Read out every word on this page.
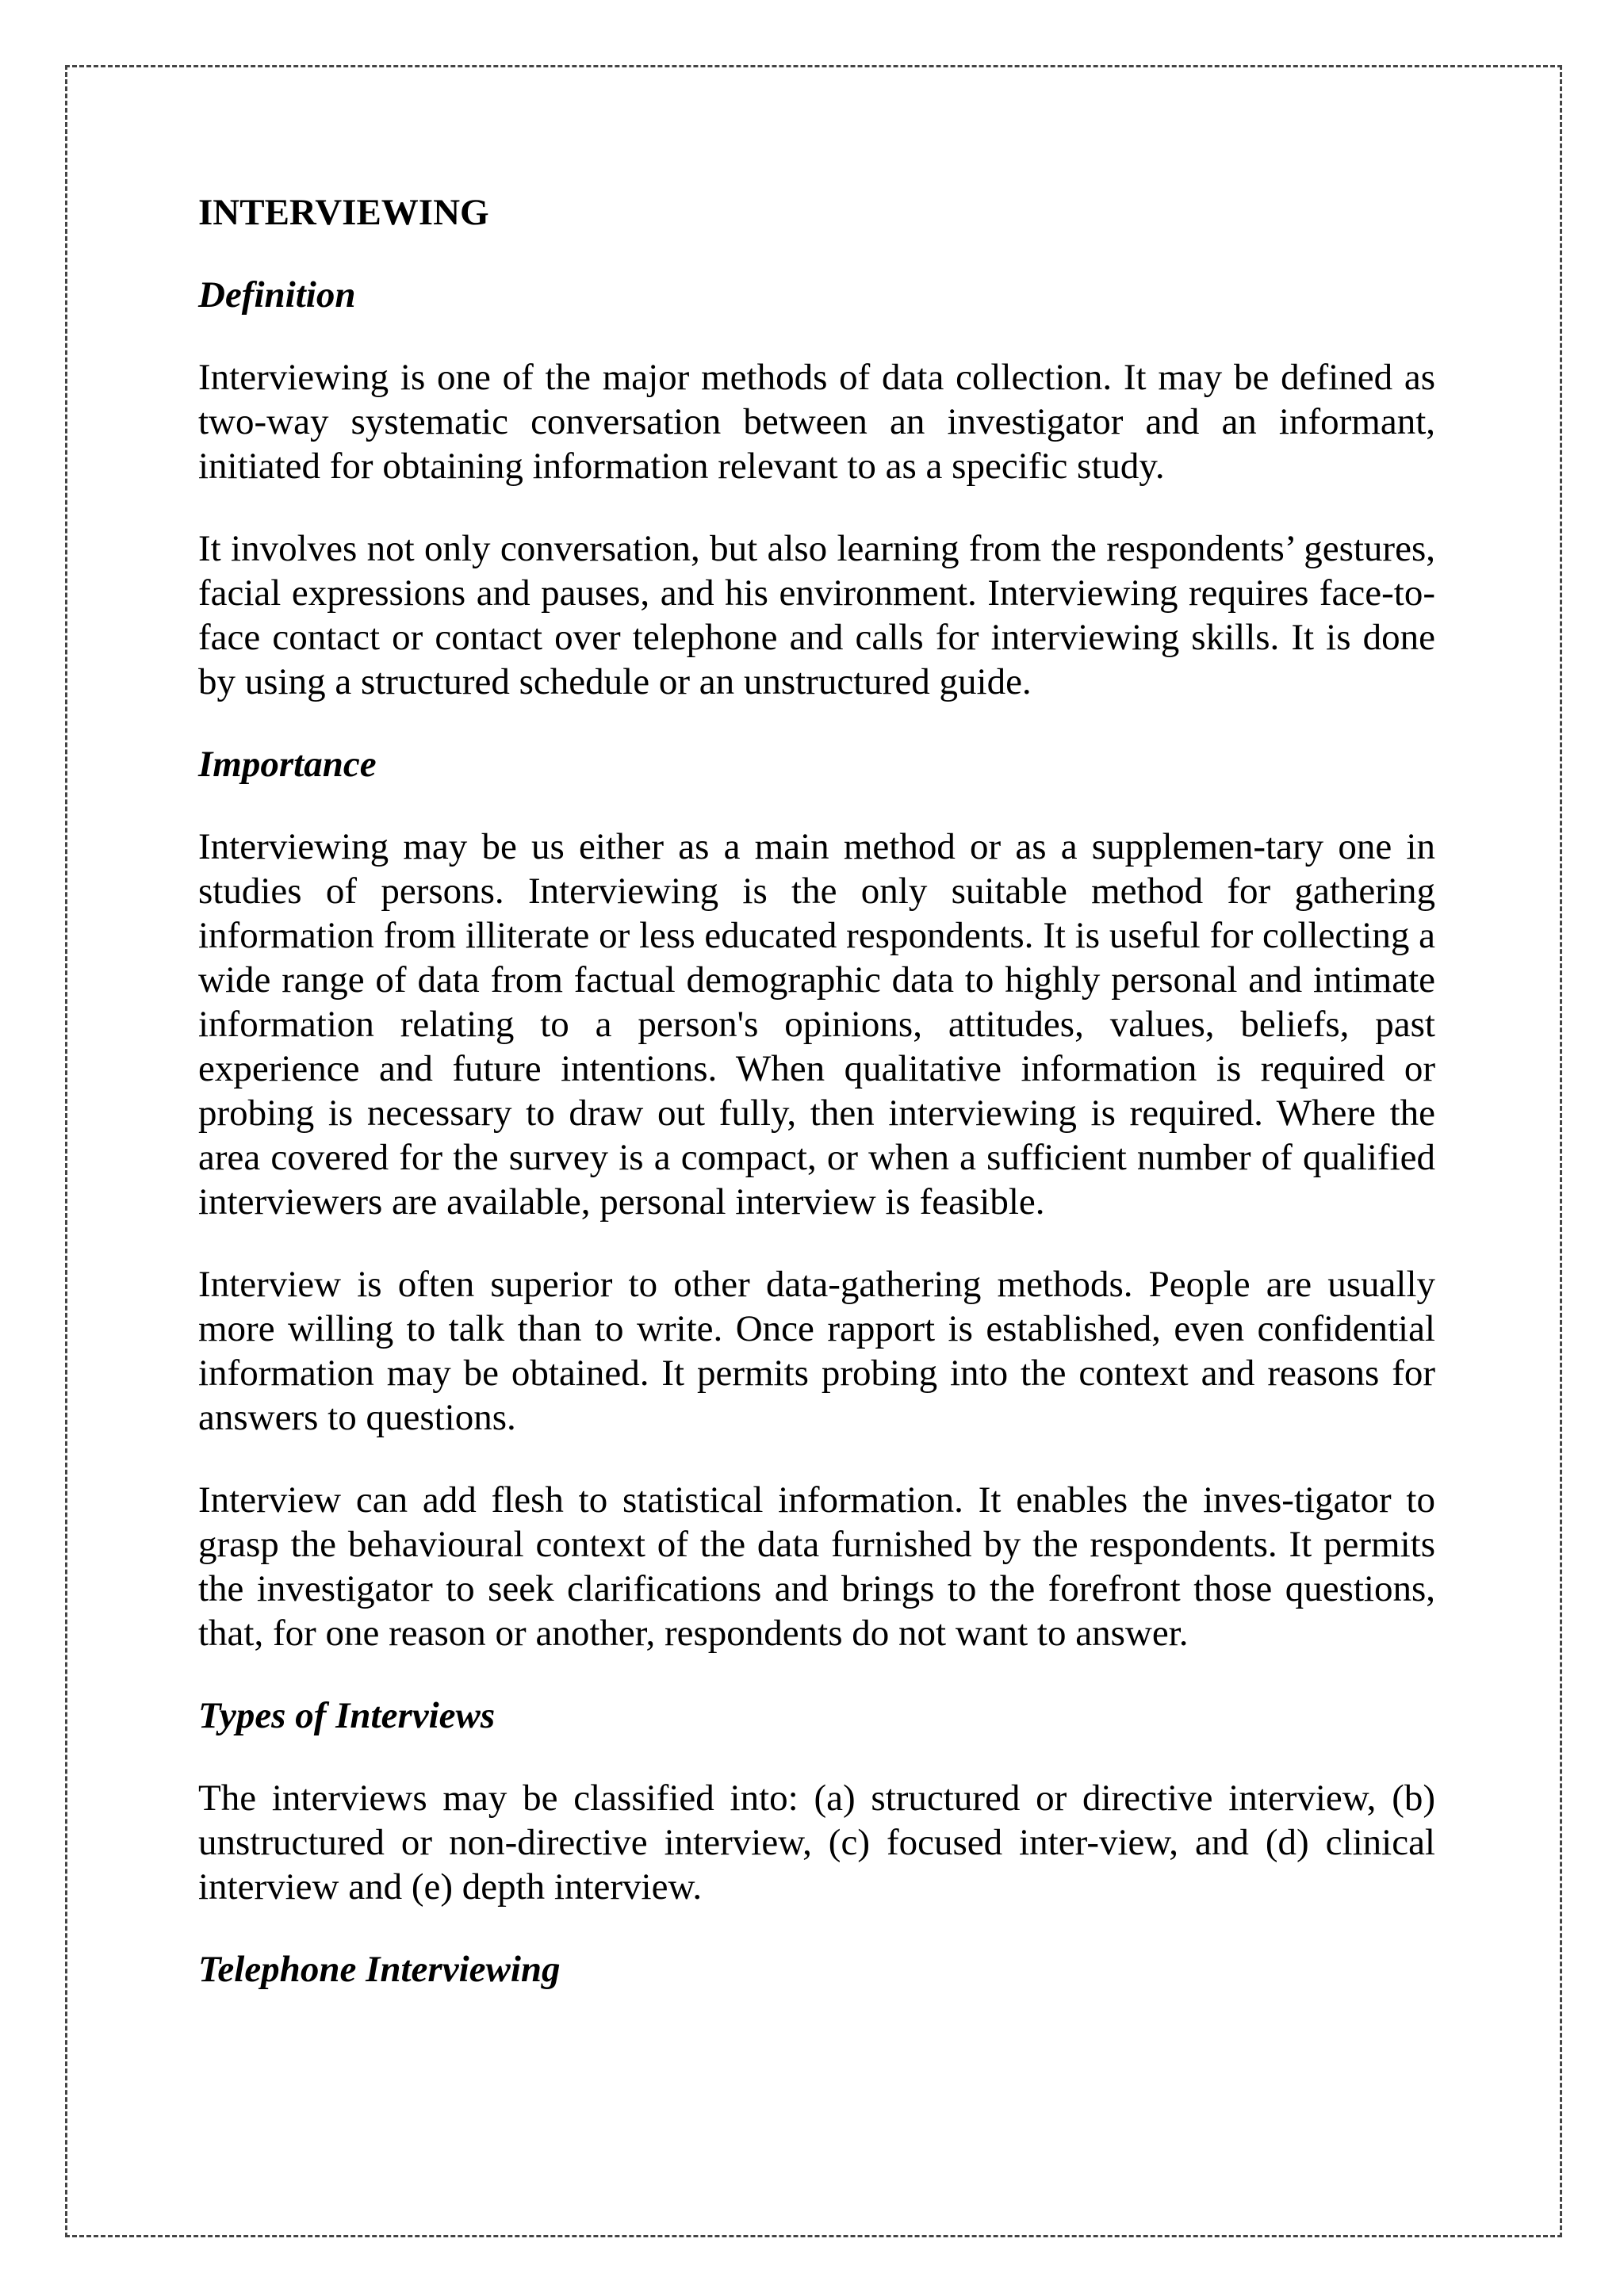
INTERVIEWING
Definition

Interviewing is one of the major methods of data collection. It may be defined as two-way systematic conversation between an investigator and an informant, initiated for obtaining information relevant to as a specific study.

It involves not only conversation, but also learning from the respondents’ gestures, facial expressions and pauses, and his environment. Interviewing requires face-to-face contact or contact over telephone and calls for interviewing skills. It is done by using a structured schedule or an unstructured guide.

Importance

Interviewing may be us either as a main method or as a supplemen-tary one in studies of persons. Interviewing is the only suitable method for gathering information from illiterate or less educated respondents. It is useful for collecting a wide range of data from factual demographic data to highly personal and intimate information relating to a person's opinions, attitudes, values, beliefs, past experience and future intentions. When qualitative information is required or probing is necessary to draw out fully, then interviewing is required. Where the area covered for the survey is a compact, or when a sufficient number of qualified interviewers are available, personal interview is feasible.

Interview is often superior to other data-gathering methods. People are usually more willing to talk than to write. Once rapport is established, even confidential information may be obtained. It permits probing into the context and reasons for answers to questions.

Interview can add flesh to statistical information. It enables the inves-tigator to grasp the behavioural context of the data furnished by the respondents. It permits the investigator to seek clarifications and brings to the forefront those questions, that, for one reason or another, respondents do not want to answer.

Types of Interviews

The interviews may be classified into: (a) structured or directive interview, (b) unstructured or non-directive interview, (c) focused inter-view, and (d) clinical interview and (e) depth interview.

Telephone Interviewing
